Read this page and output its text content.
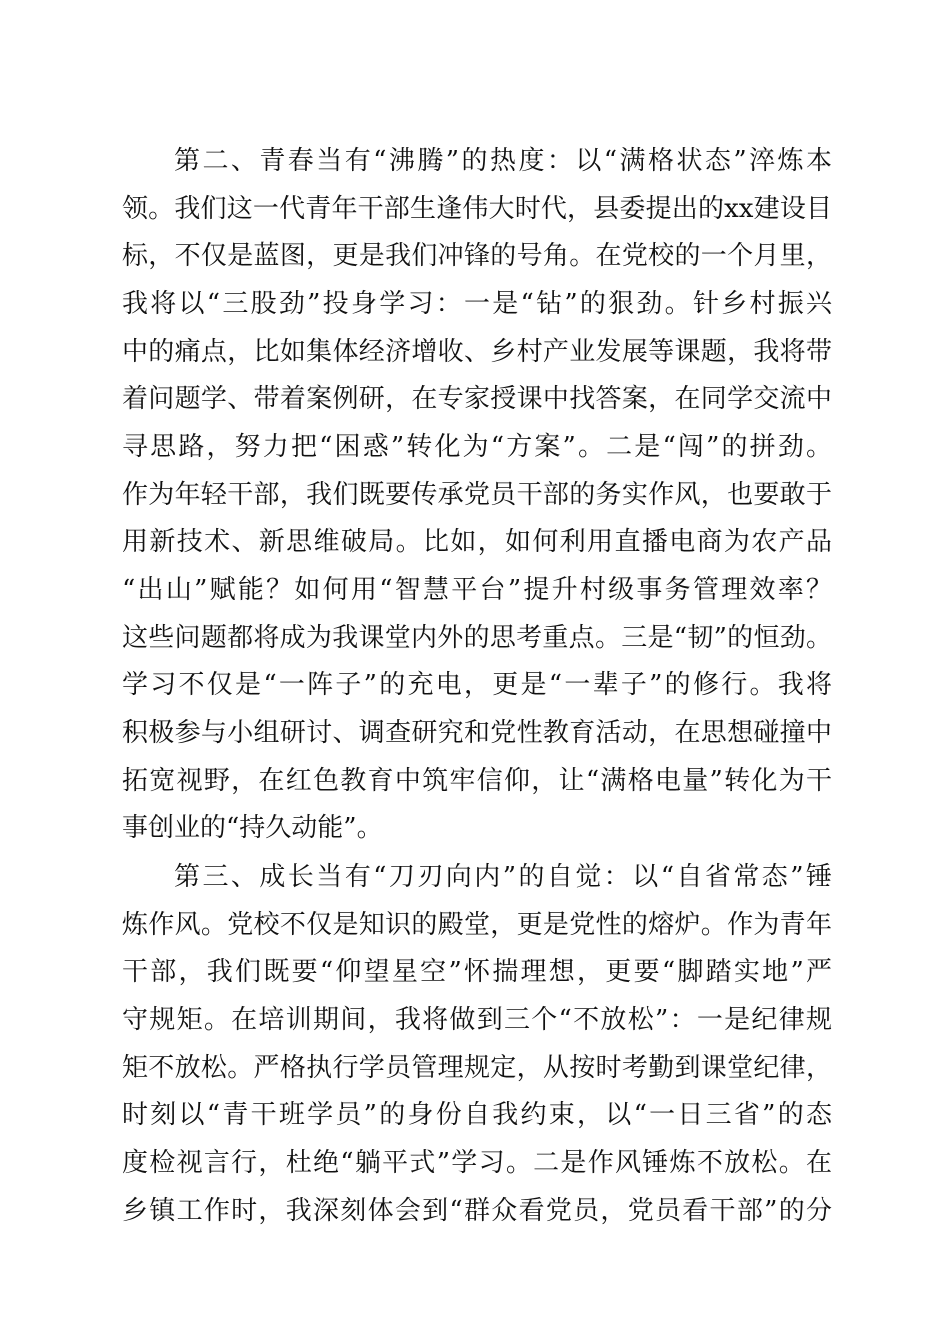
第二、青春当有“沸腾”的热度：以“满格状态”淬炼本
领。我们这一代青年干部生逢伟大时代，县委提出的xx建设目
标，不仅是蓝图，更是我们冲锋的号角。在党校的一个月里，
我将以“三股劲”投身学习：一是“钻”的狠劲。针乡村振兴
中的痛点，比如集体经济增收、乡村产业发展等课题，我将带
着问题学、带着案例研，在专家授课中找答案，在同学交流中
寻思路，努力把“困惑”转化为“方案”。二是“闯”的拼劲。
作为年轻干部，我们既要传承党员干部的务实作风，也要敢于
用新技术、新思维破局。比如，如何利用直播电商为农产品
“出山”赋能？如何用“智慧平台”提升村级事务管理效率？
这些问题都将成为我课堂内外的思考重点。三是“韧”的恒劲。
学习不仅是“一阵子”的充电，更是“一辈子”的修行。我将
积极参与小组研讨、调查研究和党性教育活动，在思想碰撞中
拓宽视野，在红色教育中筑牢信仰，让“满格电量”转化为干
事创业的“持久动能”。
第三、成长当有“刀刃向内”的自觉：以“自省常态”锤
炼作风。党校不仅是知识的殿堂，更是党性的熔炉。作为青年
干部，我们既要“仰望星空”怀揣理想，更要“脚踏实地”严
守规矩。在培训期间，我将做到三个“不放松”：一是纪律规
矩不放松。严格执行学员管理规定，从按时考勤到课堂纪律，
时刻以“青干班学员”的身份自我约束，以“一日三省”的态
度检视言行，杜绝“躺平式”学习。二是作风锤炼不放松。在
乡镇工作时，我深刻体会到“群众看党员，党员看干部”的分
